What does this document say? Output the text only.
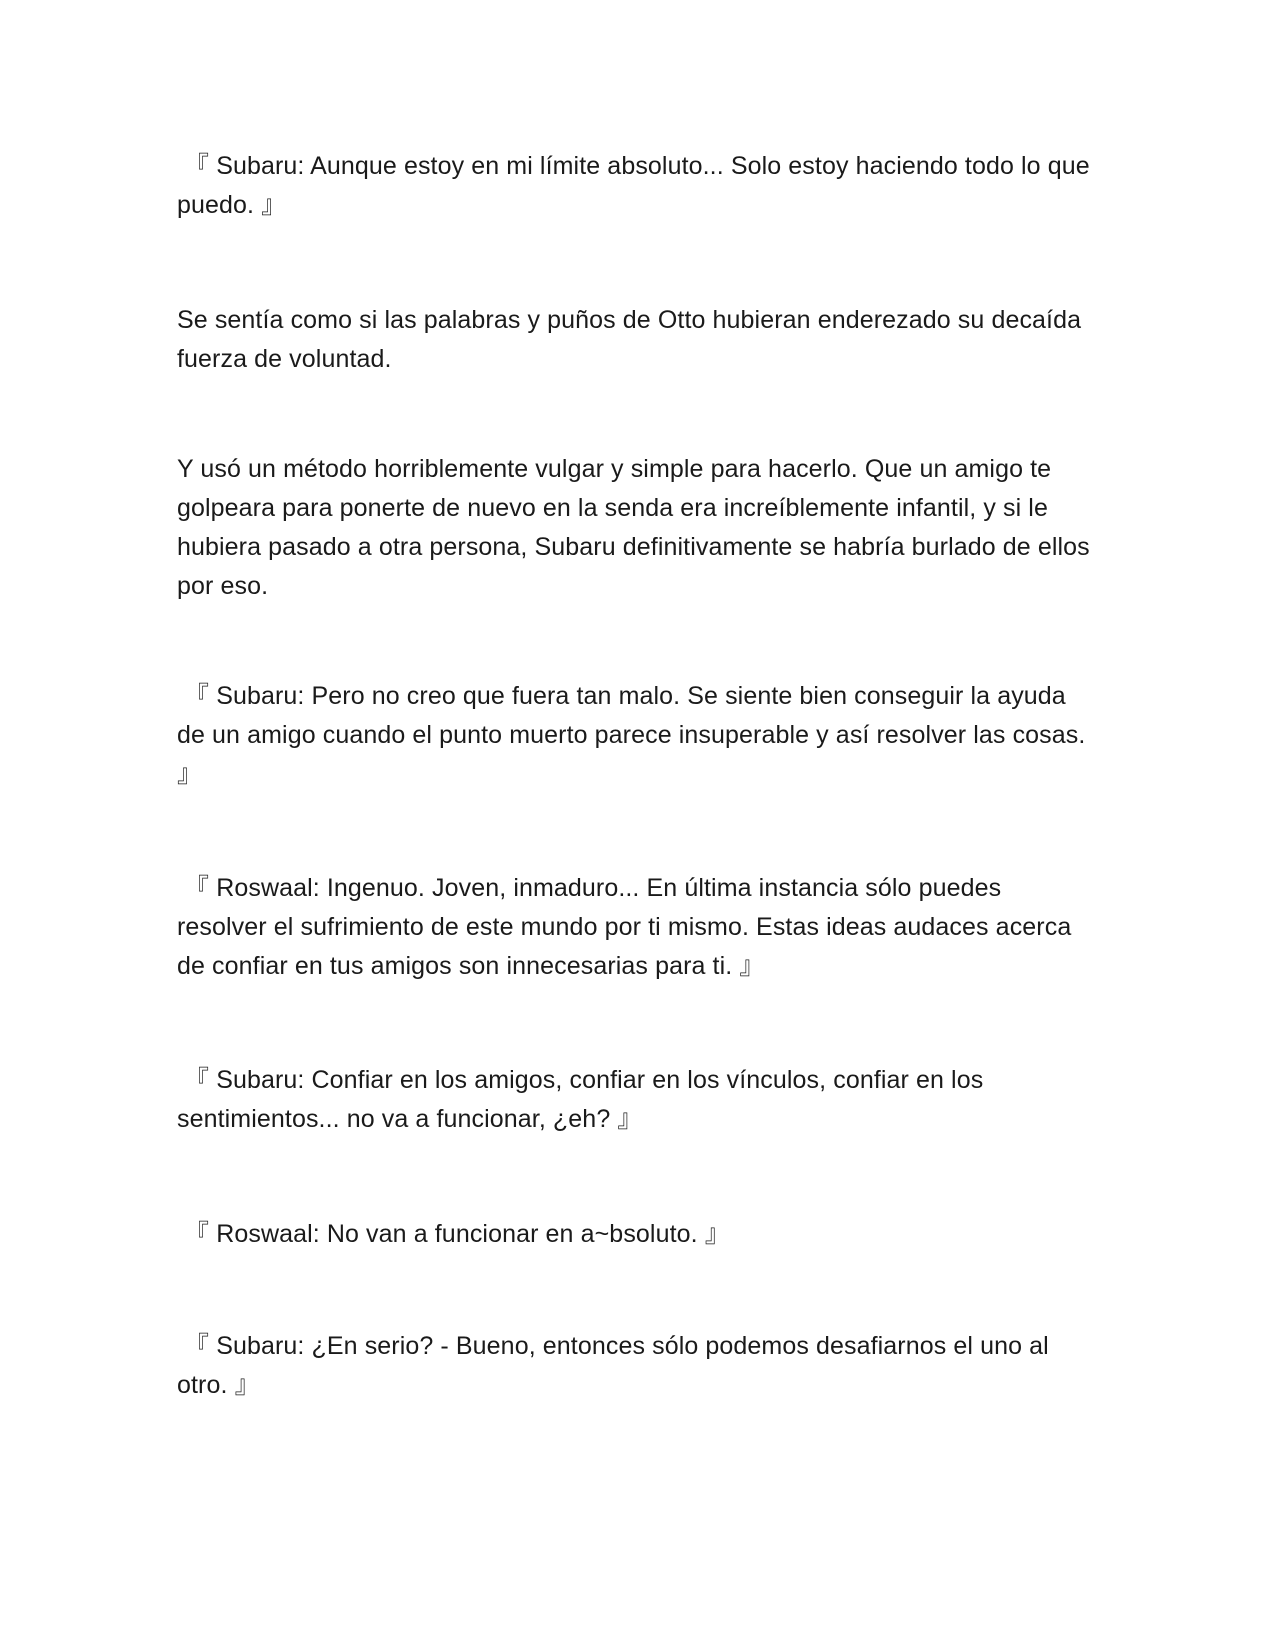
『 Subaru: Aunque estoy en mi límite absoluto... Solo estoy haciendo todo lo que puedo. 』

Se sentía como si las palabras y puños de Otto hubieran enderezado su decaída fuerza de voluntad.

Y usó un método horriblemente vulgar y simple para hacerlo. Que un amigo te golpeara para ponerte de nuevo en la senda era increíblemente infantil, y si le hubiera pasado a otra persona, Subaru definitivamente se habría burlado de ellos por eso.

『 Subaru: Pero no creo que fuera tan malo. Se siente bien conseguir la ayuda de un amigo cuando el punto muerto parece insuperable y así resolver las cosas. 』

『 Roswaal: Ingenuo. Joven, inmaduro... En última instancia sólo puedes resolver el sufrimiento de este mundo por ti mismo. Estas ideas audaces acerca de confiar en tus amigos son innecesarias para ti. 』

『 Subaru: Confiar en los amigos, confiar en los vínculos, confiar en los sentimientos... no va a funcionar, ¿eh? 』

『 Roswaal: No van a funcionar en a~bsoluto. 』

『 Subaru: ¿En serio? - Bueno, entonces sólo podemos desafiarnos el uno al otro. 』
